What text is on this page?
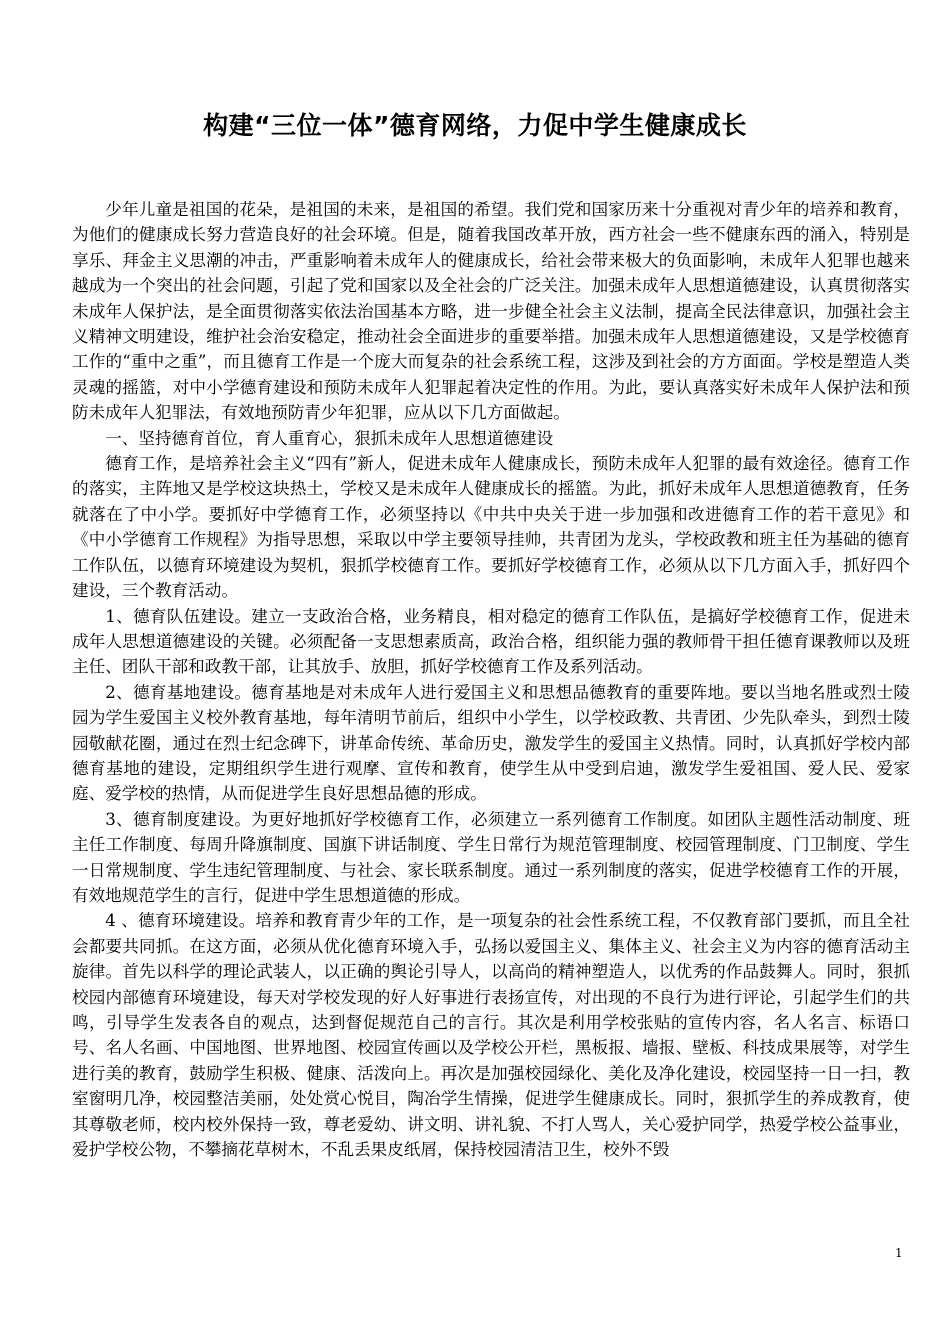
构建“三位一体”德育网络，力促中学生健康成长

少年儿童是祖国的花朵，是祖国的未来，是祖国的希望。我们党和国家历来十分重视对青少年的培养和教育，为他们的健康成长努力营造良好的社会环境。但是，随着我国改革开放，西方社会一些不健康东西的涌入，特别是享乐、拜金主义思潮的冲击，严重影响着未成年人的健康成长，给社会带来极大的负面影响，未成年人犯罪也越来越成为一个突出的社会问题，引起了党和国家以及全社会的广泛关注。加强未成年人思想道德建设，认真贯彻落实未成年人保护法，是全面贯彻落实依法治国基本方略，进一步健全社会主义法制，提高全民法律意识，加强社会主义精神文明建设，维护社会治安稳定，推动社会全面进步的重要举措。加强未成年人思想道德建设，又是学校德育工作的“重中之重”，而且德育工作是一个庞大而复杂的社会系统工程，这涉及到社会的方方面面。学校是塑造人类灵魂的摇篮，对中小学德育建设和预防未成年人犯罪起着决定性的作用。为此，要认真落实好未成年人保护法和预防未成年人犯罪法，有效地预防青少年犯罪，应从以下几方面做起。

一、坚持德育首位，育人重育心，狠抓未成年人思想道德建设

德育工作，是培养社会主义“四有”新人，促进未成年人健康成长，预防未成年人犯罪的最有效途径。德育工作的落实，主阵地又是学校这块热土，学校又是未成年人健康成长的摇篮。为此，抓好未成年人思想道德教育，任务就落在了中小学。要抓好中学德育工作，必须坚持以《中共中央关于进一步加强和改进德育工作的若干意见》和《中小学德育工作规程》为指导思想，采取以中学主要领导挂帅，共青团为龙头，学校政教和班主任为基础的德育工作队伍，以德育环境建设为契机，狠抓学校德育工作。要抓好学校德育工作，必须从以下几方面入手，抓好四个建设，三个教育活动。

1、德育队伍建设。建立一支政治合格，业务精良，相对稳定的德育工作队伍，是搞好学校德育工作，促进未成年人思想道德建设的关键。必须配备一支思想素质高，政治合格，组织能力强的教师骨干担任德育课教师以及班主任、团队干部和政教干部，让其放手、放胆，抓好学校德育工作及系列活动。

2、德育基地建设。德育基地是对未成年人进行爱国主义和思想品德教育的重要阵地。要以当地名胜或烈士陵园为学生爱国主义校外教育基地，每年清明节前后，组织中小学生，以学校政教、共青团、少先队牵头，到烈士陵园敬献花圈，通过在烈士纪念碑下，讲革命传统、革命历史，激发学生的爱国主义热情。同时，认真抓好学校内部德育基地的建设，定期组织学生进行观摩、宣传和教育，使学生从中受到启迪，激发学生爱祖国、爱人民、爱家庭、爱学校的热情，从而促进学生良好思想品德的形成。

3、德育制度建设。为更好地抓好学校德育工作，必须建立一系列德育工作制度。如团队主题性活动制度、班主任工作制度、每周升降旗制度、国旗下讲话制度、学生日常行为规范管理制度、校园管理制度、门卫制度、学生一日常规制度、学生违纪管理制度、与社会、家长联系制度。通过一系列制度的落实，促进学校德育工作的开展，有效地规范学生的言行，促进中学生思想道德的形成。

4 、德育环境建设。培养和教育青少年的工作，是一项复杂的社会性系统工程，不仅教育部门要抓，而且全社会都要共同抓。在这方面，必须从优化德育环境入手，弘扬以爱国主义、集体主义、社会主义为内容的德育活动主旋律。首先以科学的理论武装人，以正确的舆论引导人，以高尚的精神塑造人，以优秀的作品鼓舞人。同时，狠抓校园内部德育环境建设，每天对学校发现的好人好事进行表扬宣传，对出现的不良行为进行评论，引起学生们的共鸣，引导学生发表各自的观点，达到督促规范自己的言行。其次是利用学校张贴的宣传内容，名人名言、标语口号、名人名画、中国地图、世界地图、校园宣传画以及学校公开栏，黑板报、墙报、壁板、科技成果展等，对学生进行美的教育，鼓励学生积极、健康、活泼向上。再次是加强校园绿化、美化及净化建设，校园坚持一日一扫，教室窗明几净，校园整洁美丽，处处赏心悦目，陶冶学生情操，促进学生健康成长。同时，狠抓学生的养成教育，使其尊敬老师，校内校外保持一致，尊老爱幼、讲文明、讲礼貌、不打人骂人，关心爱护同学，热爱学校公益事业，爱护学校公物，不攀摘花草树木，不乱丢果皮纸屑，保持校园清洁卫生，校外不毁

1
